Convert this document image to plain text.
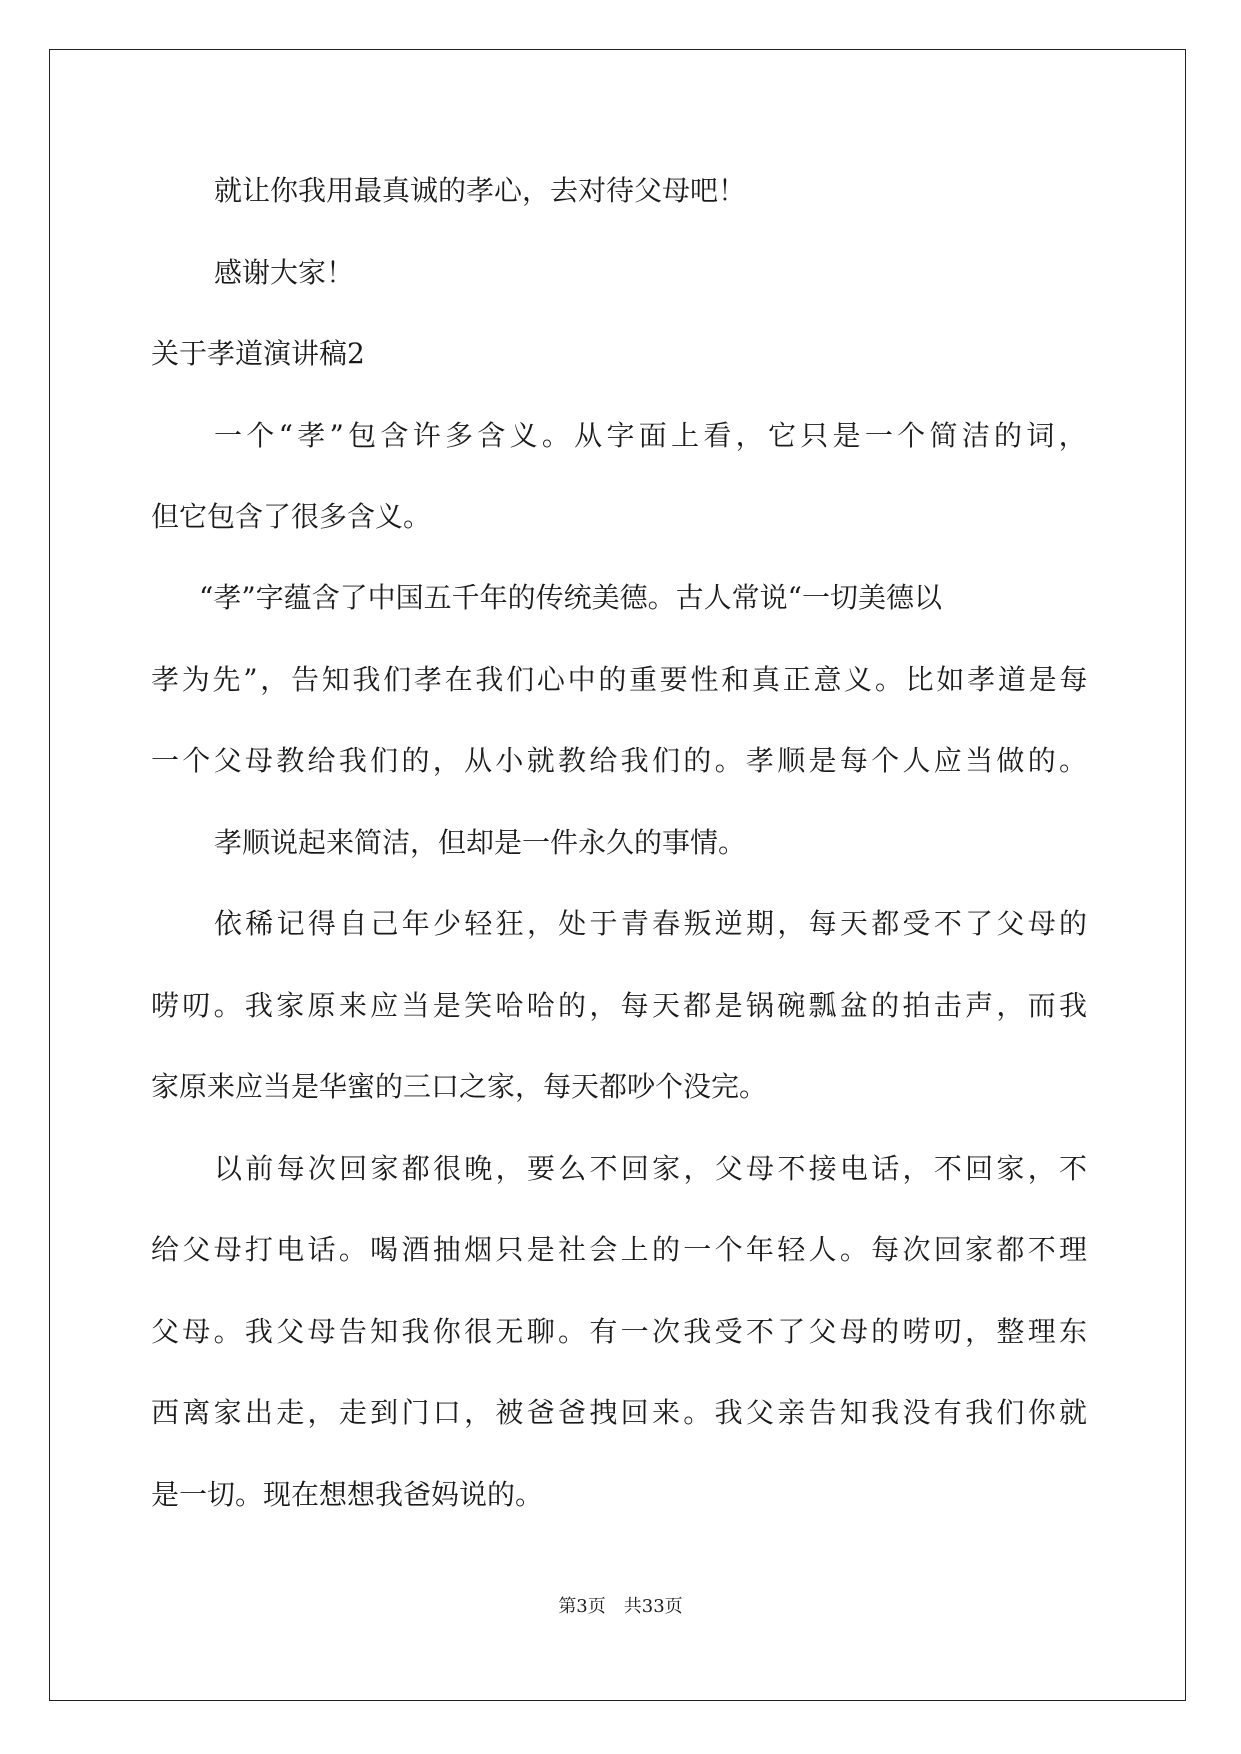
就让你我用最真诚的孝心，去对待父母吧！
感谢大家！
关于孝道演讲稿2
一个“孝”包含许多含义。从字面上看，它只是一个简洁的词，
但它包含了很多含义。
“孝”字蕴含了中国五千年的传统美德。古人常说“一切美德以
孝为先”，告知我们孝在我们心中的重要性和真正意义。比如孝道是每
一个父母教给我们的，从小就教给我们的。孝顺是每个人应当做的。
孝顺说起来简洁，但却是一件永久的事情。
依稀记得自己年少轻狂，处于青春叛逆期，每天都受不了父母的
唠叨。我家原来应当是笑哈哈的，每天都是锅碗瓢盆的拍击声，而我
家原来应当是华蜜的三口之家，每天都吵个没完。
以前每次回家都很晚，要么不回家，父母不接电话，不回家，不
给父母打电话。喝酒抽烟只是社会上的一个年轻人。每次回家都不理
父母。我父母告知我你很无聊。有一次我受不了父母的唠叨，整理东
西离家出走，走到门口，被爸爸拽回来。我父亲告知我没有我们你就
是一切。现在想想我爸妈说的。
第3页　共33页
